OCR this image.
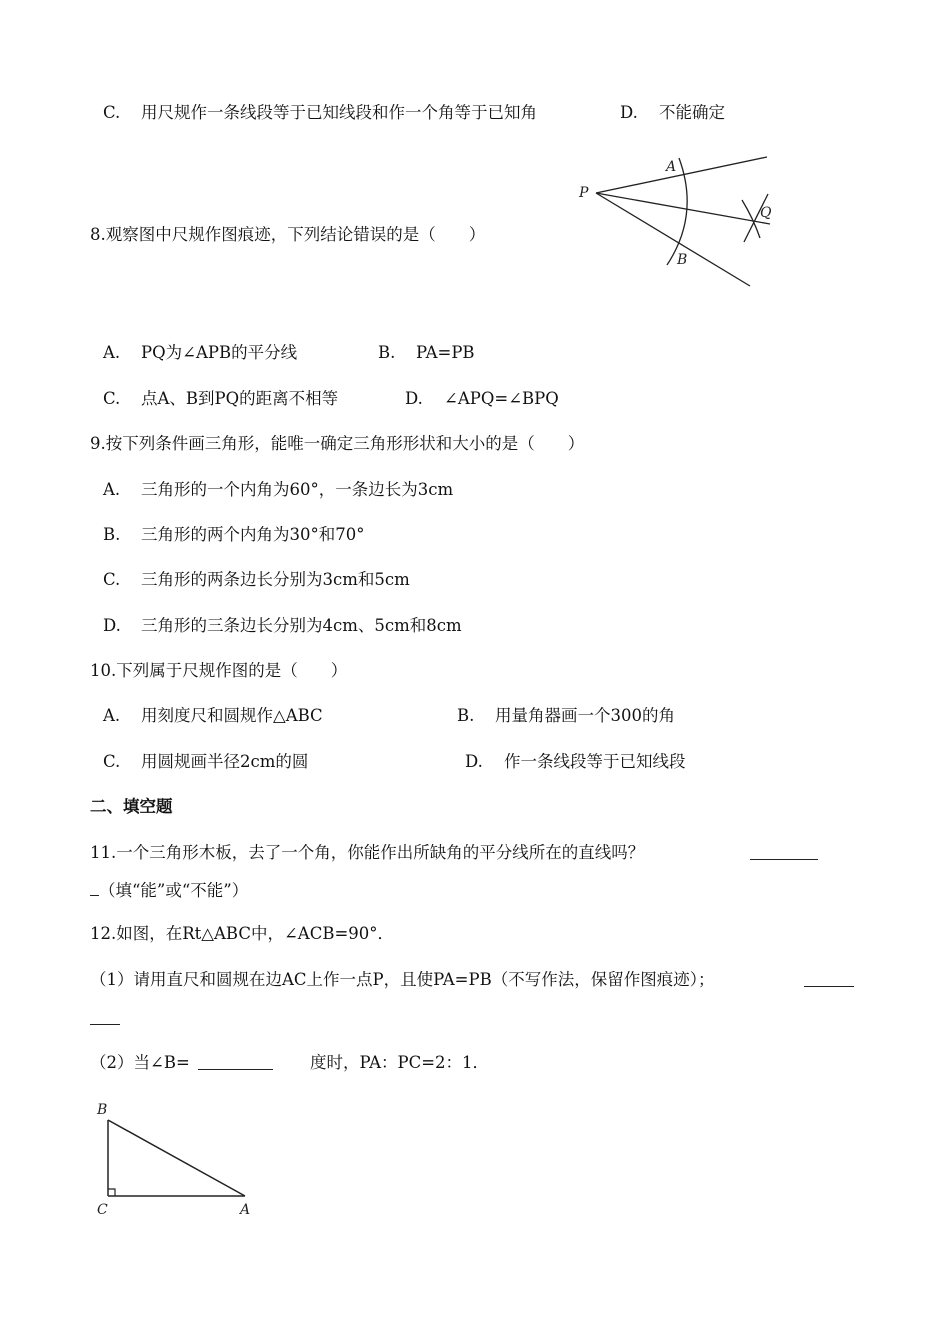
C. 用尺规作一条线段等于已知线段和作一个角等于已知角	D. 不能确定
8.观察图中尺规作图痕迹，下列结论错误的是（　　）
A
P
Q
B
A. PQ为∠APB的平分线	B. PA=PB
C. 点A、B到PQ的距离不相等	D. ∠APQ=∠BPQ
9.按下列条件画三角形，能唯一确定三角形形状和大小的是（　　）
A. 三角形的一个内角为60°，一条边长为3cm
B. 三角形的两个内角为30°和70°
C. 三角形的两条边长分别为3cm和5cm
D. 三角形的三条边长分别为4cm、5cm和8cm
10.下列属于尺规作图的是（　　）
A. 用刻度尺和圆规作△ABC	B. 用量角器画一个300的角
C. 用圆规画半径2cm的圆	D. 作一条线段等于已知线段
二、填空题
11.一个三角形木板，去了一个角，你能作出所缺角的平分线所在的直线吗？
（填“能”或“不能”）
12.如图，在Rt△ABC中，∠ACB=90°．
（1）请用直尺和圆规在边AC上作一点P，且使PA=PB（不写作法，保留作图痕迹）；
（2）当∠B=	度时，PA：PC=2：1．
B
C	A
